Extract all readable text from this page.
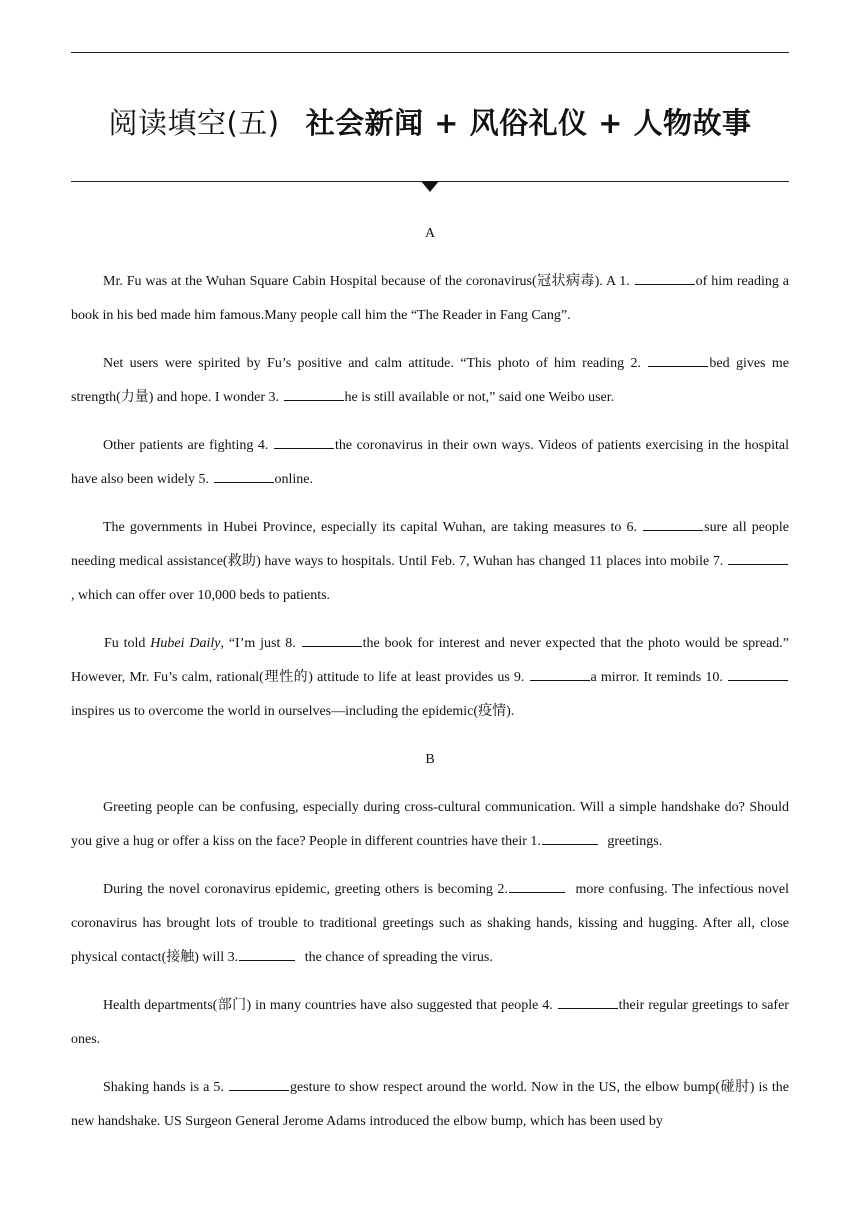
阅读填空(五) 社会新闻 + 风俗礼仪 + 人物故事
A

Mr. Fu was at the Wuhan Square Cabin Hospital because of the coronavirus(冠状病毒). A 1.	of him reading a book in his bed made him famous.Many people call him the “The Reader in Fang Cang”.

Net users were spirited by Fu’s positive and calm attitude. “This photo of him reading 2.	bed gives me strength(力量) and hope. I wonder 3.	he is still available or not,” said one Weibo user.

Other patients are fighting 4.	the coronavirus in their own ways. Videos of patients exercising in the hospital have also been widely 5.	online.

The governments in Hubei Province, especially its capital Wuhan, are taking measures to 6.	sure all people needing medical assistance(救助) have ways to hospitals. Until Feb. 7, Wuhan has changed 11 places into mobile 7. , which can offer over 10,000 beds to patients.

Fu told Hubei Daily, “I’m just 8.	the book for interest and never expected that the photo would be spread.” However, Mr. Fu’s calm, rational(理性的) attitude to life at least provides us 9.	a mirror. It reminds 10. inspires us to overcome the world in ourselves—including the epidemic(疫情).

B

Greeting people can be confusing, especially during cross-cultural communication. Will a simple handshake do? Should you give a hug or offer a kiss on the face? People in different countries have their 1.	greetings.

During the novel coronavirus epidemic, greeting others is becoming 2.	more confusing. The infectious novel coronavirus has brought lots of trouble to traditional greetings such as shaking hands, kissing and hugging. After all, close physical contact(接触) will 3.	the chance of spreading the virus.

Health departments(部门) in many countries have also suggested that people 4.	their regular greetings to safer ones.

Shaking hands is a 5.	gesture to show respect around the world. Now in the US, the elbow bump(碰肘) is the new handshake. US Surgeon General Jerome Adams introduced the elbow bump, which has been used by
